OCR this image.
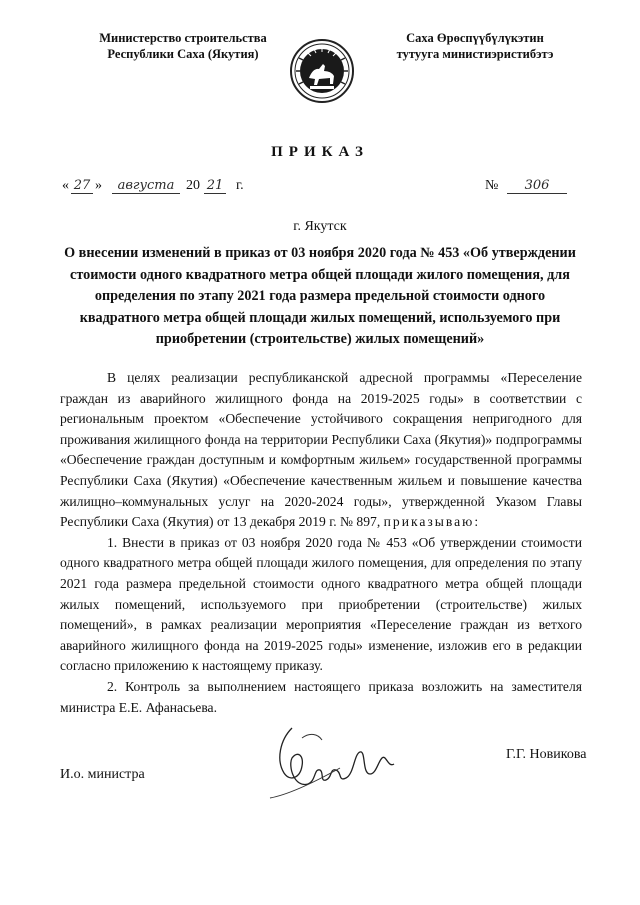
Министерство строительства
Республики Саха (Якутия)
Саха Өрөспүүбүлүкэтин
тутууга министиэристибэтэ
ПРИКАЗ
« 27 »	августа 20 21 г.	№	306
г. Якутск
О внесении изменений в приказ от 03 ноября 2020 года № 453 «Об утверждении стоимости одного квадратного метра общей площади жилого помещения, для определения по этапу 2021 года размера предельной стоимости одного квадратного метра общей площади жилых помещений, используемого при приобретении (строительстве) жилых помещений»

В целях реализации республиканской адресной программы «Переселение граждан из аварийного жилищного фонда на 2019-2025 годы» в соответствии с региональным проектом «Обеспечение устойчивого сокращения непригодного для проживания жилищного фонда на территории Республики Саха (Якутия)» подпрограммы «Обеспечение граждан доступным и комфортным жильем» государственной программы Республики Саха (Якутия) «Обеспечение качественным жильем и повышение качества жилищно–коммунальных услуг на 2020-2024 годы», утвержденной Указом Главы Республики Саха (Якутия) от 13 декабря 2019 г. № 897, приказываю:

1. Внести в приказ от 03 ноября 2020 года № 453 «Об утверждении стоимости одного квадратного метра общей площади жилого помещения, для определения по этапу 2021 года размера предельной стоимости одного квадратного метра общей площади жилых помещений, используемого при приобретении (строительстве) жилых помещений», в рамках реализации мероприятия «Переселение граждан из ветхого аварийного жилищного фонда на 2019-2025 годы» изменение, изложив его в редакции согласно приложению к настоящему приказу.

2. Контроль за выполнением настоящего приказа возложить на заместителя министра Е.Е. Афанасьева.

И.о. министра
Г.Г. Новикова
